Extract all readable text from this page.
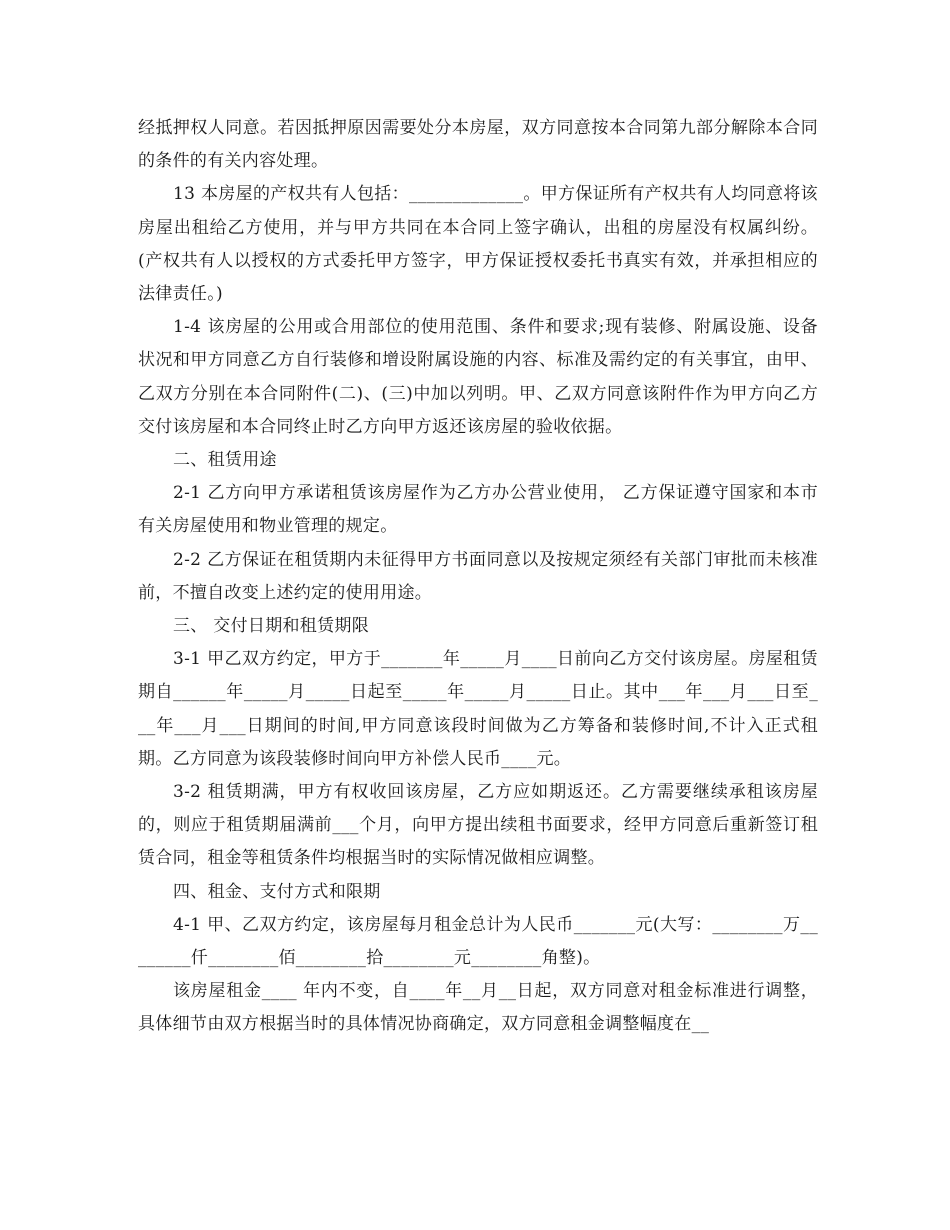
经抵押权人同意。若因抵押原因需要处分本房屋，双方同意按本合同第九部分解除本合同的条件的有关内容处理。

13 本房屋的产权共有人包括：_____________。甲方保证所有产权共有人均同意将该房屋出租给乙方使用，并与甲方共同在本合同上签字确认，出租的房屋没有权属纠纷。(产权共有人以授权的方式委托甲方签字，甲方保证授权委托书真实有效，并承担相应的法律责任。)

1-4 该房屋的公用或合用部位的使用范围、条件和要求;现有装修、附属设施、设备状况和甲方同意乙方自行装修和增设附属设施的内容、标准及需约定的有关事宜，由甲、乙双方分别在本合同附件(二)、(三)中加以列明。甲、乙双方同意该附件作为甲方向乙方交付该房屋和本合同终止时乙方向甲方返还该房屋的验收依据。

二、租赁用途

2-1 乙方向甲方承诺租赁该房屋作为乙方办公营业使用， 乙方保证遵守国家和本市有关房屋使用和物业管理的规定。

2-2 乙方保证在租赁期内未征得甲方书面同意以及按规定须经有关部门审批而未核准前，不擅自改变上述约定的使用用途。

三、 交付日期和租赁期限

3-1 甲乙双方约定，甲方于_______年_____月____日前向乙方交付该房屋。房屋租赁期自______年_____月_____日起至_____年_____月_____日止。其中___年___月___日至___年___月___日期间的时间,甲方同意该段时间做为乙方筹备和装修时间,不计入正式租期。乙方同意为该段装修时间向甲方补偿人民币____元。

3-2 租赁期满，甲方有权收回该房屋，乙方应如期返还。乙方需要继续承租该房屋的，则应于租赁期届满前___个月，向甲方提出续租书面要求，经甲方同意后重新签订租赁合同，租金等租赁条件均根据当时的实际情况做相应调整。

四、租金、支付方式和限期

4-1 甲、乙双方约定，该房屋每月租金总计为人民币_______元(大写：________万________仟________佰________拾________元________角整)。

该房屋租金____ 年内不变，自____年__月__日起，双方同意对租金标准进行调整，具体细节由双方根据当时的具体情况协商确定，双方同意租金调整幅度在__
